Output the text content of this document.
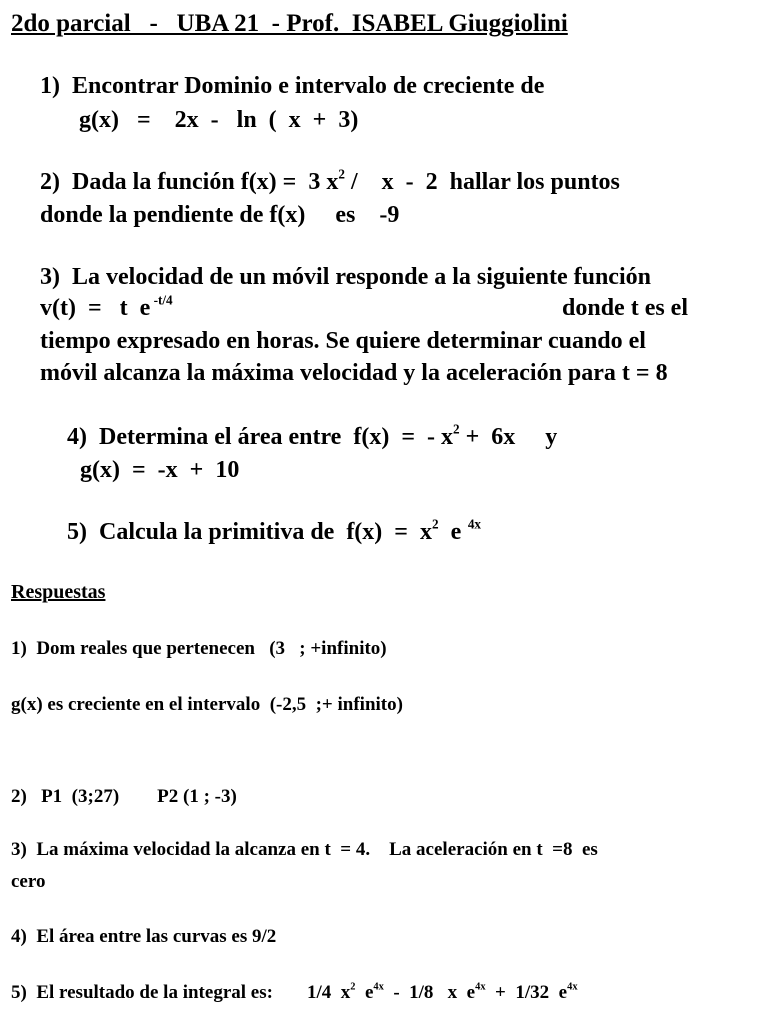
2do parcial   -   UBA 21  - Prof.  ISABEL Giuggiolini
1)  Encontrar Dominio e intervalo de creciente de
g(x)   =    2x  -   ln  (  x  +  3)
2)  Dada la función f(x) =  3 $x^2$ /    x  -  2  hallar los puntos
donde la pendiente de f(x)     es    -9
3)  La velocidad de un móvil responde a la siguiente función
v(t)  =   t  e $^{-t/4}$	donde t es el
tiempo expresado en horas. Se quiere determinar cuando el
móvil alcanza la máxima velocidad y la aceleración para t = 8
4)  Determina el área entre  f(x)  =  - $x^2 + 6x$     y
g(x)  =  -x  +  10
5)  Calcula la primitiva de  $f(x) = x^2$  e  $^{4x}$
Respuestas
1)  Dom reales que pertenecen   (3   ; +infinito)
g(x) es creciente en el intervalo  (-2,5  ;+ infinito)
2)   P1  (3;27)        P2 (1 ; -3)
3)  La máxima velocidad la alcanza en t  = 4.    La aceleración en t  =8  es
cero
4)  El área entre las curvas es 9/2
5)  El resultado de la integral es: 1/4  $x^2$  $e^{4x} - 1/8$   x  $e^{4x} + 1/32$  $e^{4x}$
